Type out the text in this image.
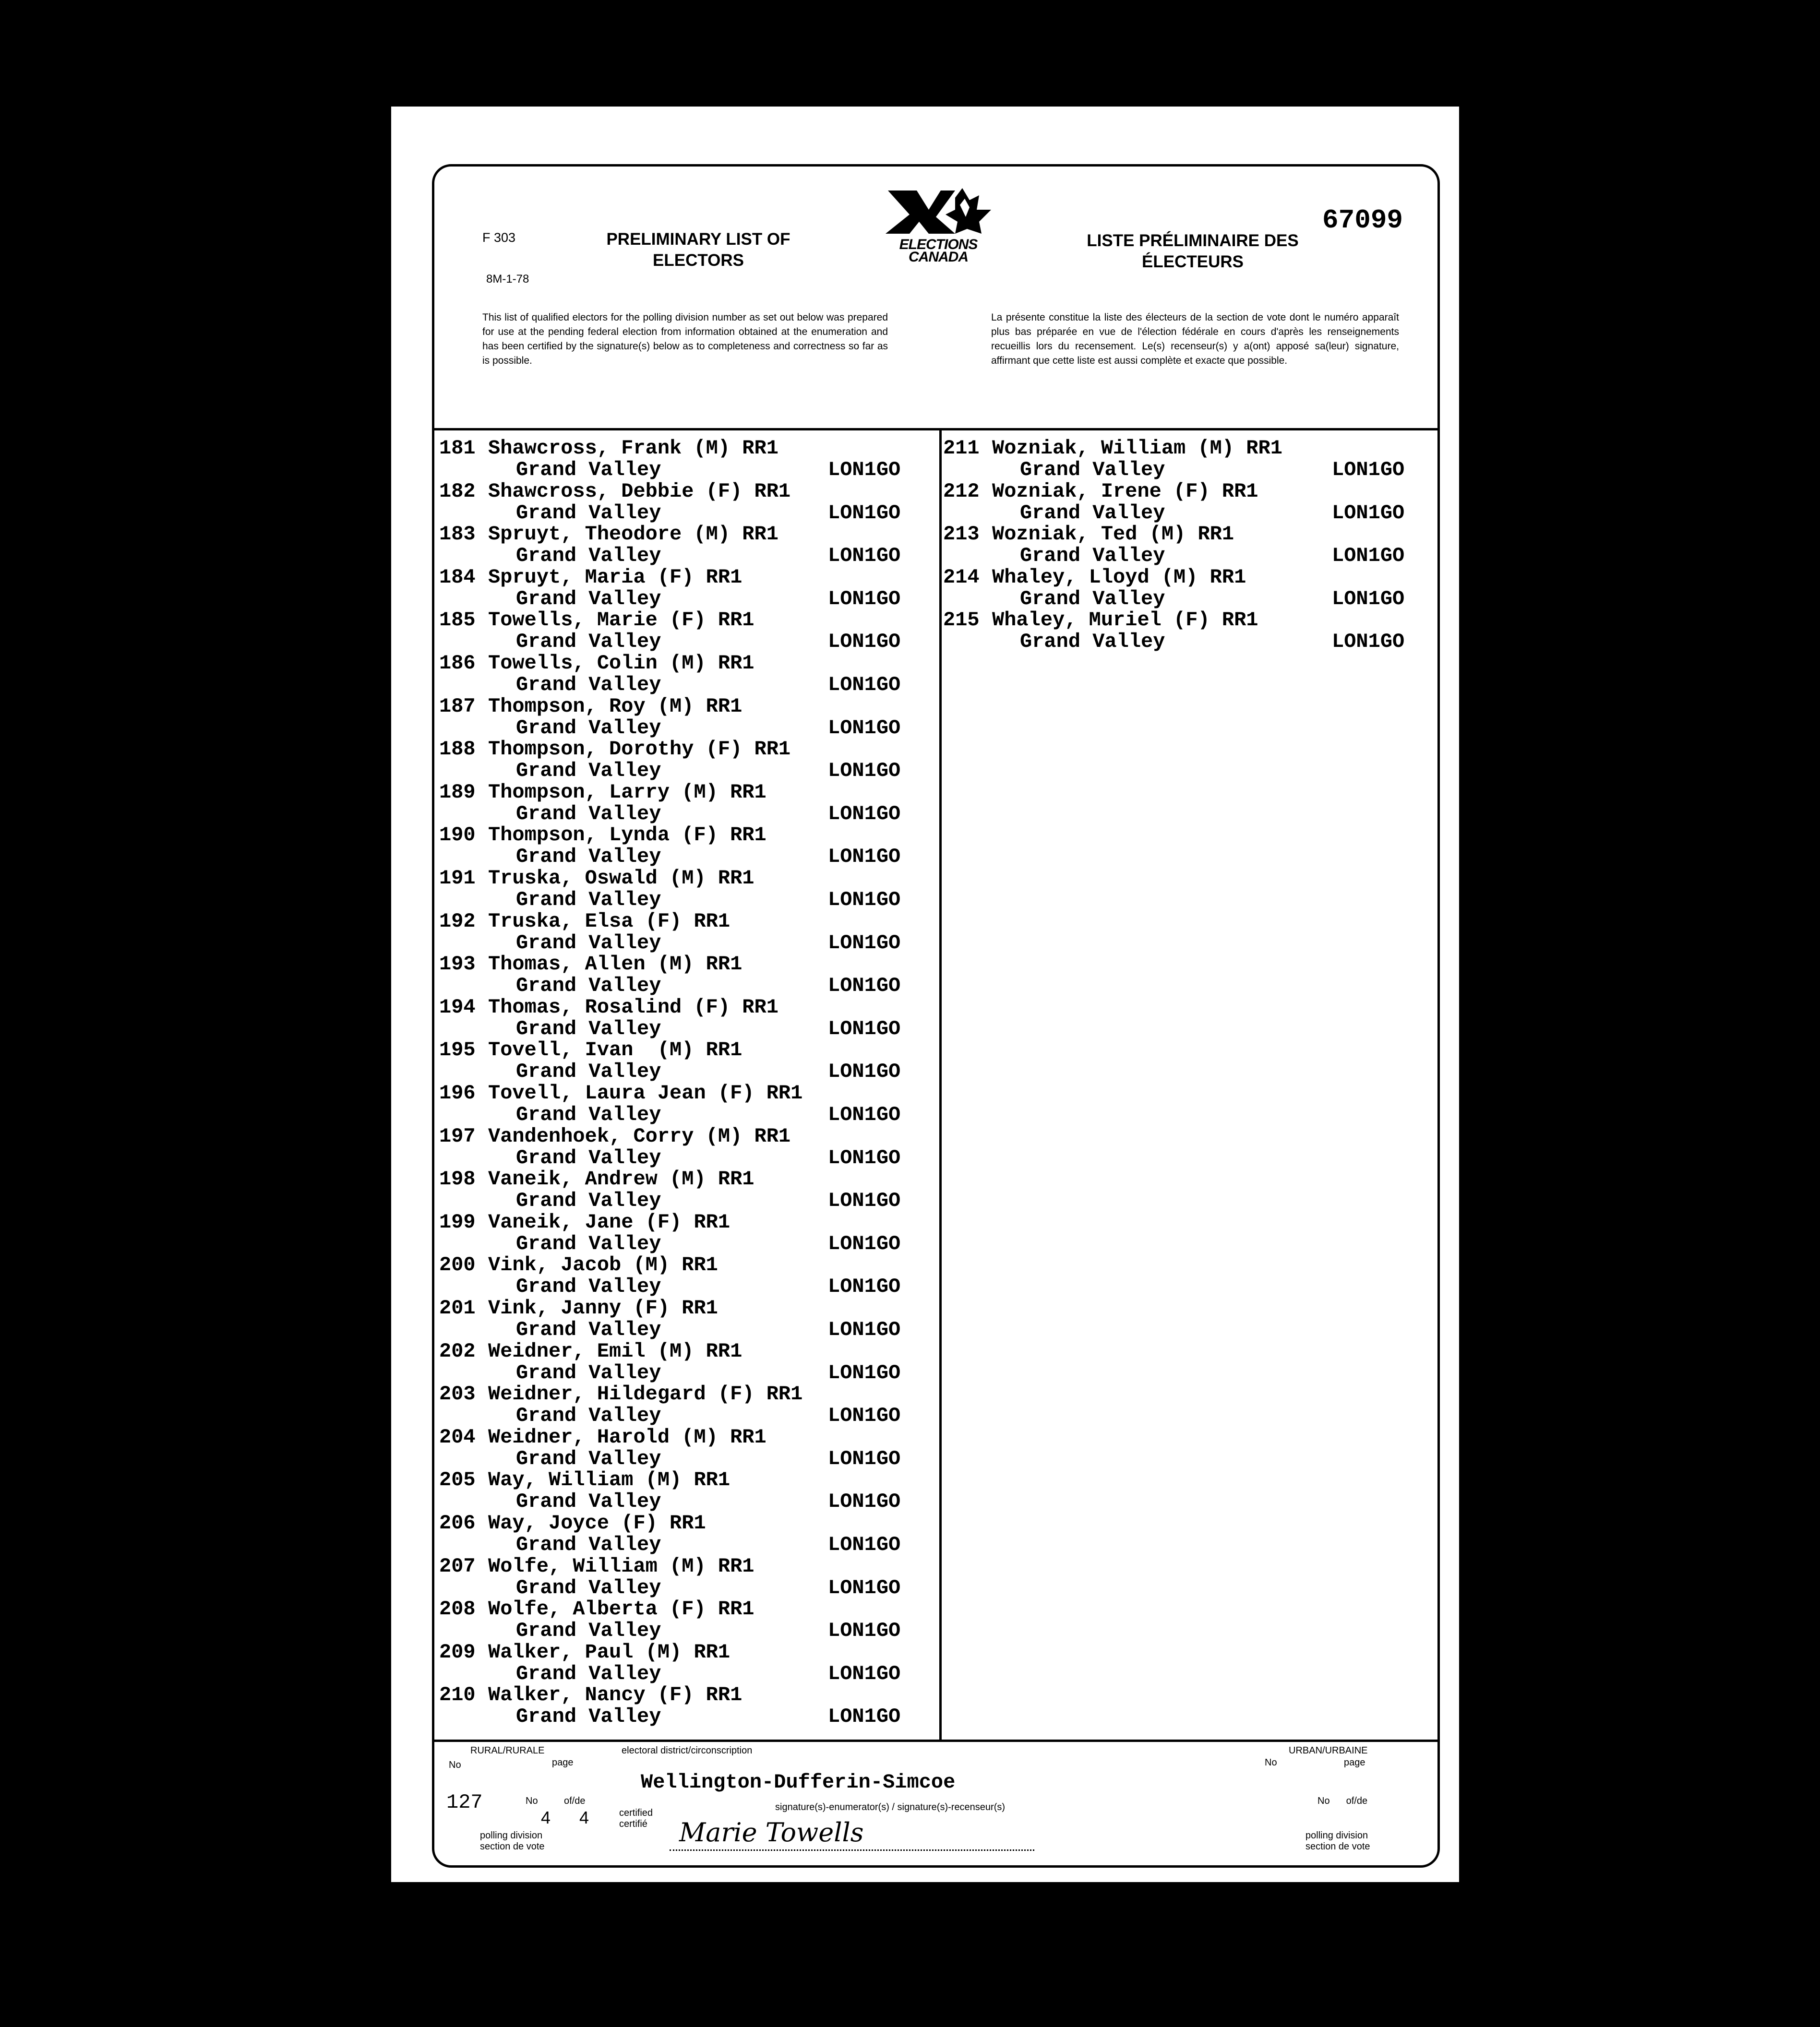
F 303
8M-1-78
PRELIMINARY LIST OF
ELECTORS
ELECTIONS
CANADA
LISTE PRÉLIMINAIRE DES
ÉLECTEURS
67099
This list of qualified electors for the polling division number as set out below was prepared for use at the pending federal election from information obtained at the enumeration and has been certified by the signature(s) below as to completeness and correctness so far as is possible.
La présente constitue la liste des électeurs de la section de vote dont le numéro apparaît plus bas préparée en vue de l'élection fédérale en cours d'après les renseignements recueillis lors du recensement. Le(s) recenseur(s) y a(ont) apposé sa(leur) signature, affirmant que cette liste est aussi complète et exacte que possible.
181 Shawcross, Frank (M) RR1
Grand Valley	LON1GO
182 Shawcross, Debbie (F) RR1
Grand Valley	LON1GO
183 Spruyt, Theodore (M) RR1
Grand Valley	LON1GO
184 Spruyt, Maria (F) RR1
Grand Valley	LON1GO
185 Towells, Marie (F) RR1
Grand Valley	LON1GO
186 Towells, Colin (M) RR1
Grand Valley	LON1GO
187 Thompson, Roy (M) RR1
Grand Valley	LON1GO
188 Thompson, Dorothy (F) RR1
Grand Valley	LON1GO
189 Thompson, Larry (M) RR1
Grand Valley	LON1GO
190 Thompson, Lynda (F) RR1
Grand Valley	LON1GO
191 Truska, Oswald (M) RR1
Grand Valley	LON1GO
192 Truska, Elsa (F) RR1
Grand Valley	LON1GO
193 Thomas, Allen (M) RR1
Grand Valley	LON1GO
194 Thomas, Rosalind (F) RR1
Grand Valley	LON1GO
195 Tovell, Ivan  (M) RR1
Grand Valley	LON1GO
196 Tovell, Laura Jean (F) RR1
Grand Valley	LON1GO
197 Vandenhoek, Corry (M) RR1
Grand Valley	LON1GO
198 Vaneik, Andrew (M) RR1
Grand Valley	LON1GO
199 Vaneik, Jane (F) RR1
Grand Valley	LON1GO
200 Vink, Jacob (M) RR1
Grand Valley	LON1GO
201 Vink, Janny (F) RR1
Grand Valley	LON1GO
202 Weidner, Emil (M) RR1
Grand Valley	LON1GO
203 Weidner, Hildegard (F) RR1
Grand Valley	LON1GO
204 Weidner, Harold (M) RR1
Grand Valley	LON1GO
205 Way, William (M) RR1
Grand Valley	LON1GO
206 Way, Joyce (F) RR1
Grand Valley	LON1GO
207 Wolfe, William (M) RR1
Grand Valley	LON1GO
208 Wolfe, Alberta (F) RR1
Grand Valley	LON1GO
209 Walker, Paul (M) RR1
Grand Valley	LON1GO
210 Walker, Nancy (F) RR1
Grand Valley	LON1GO
211 Wozniak, William (M) RR1
Grand Valley	LON1GO
212 Wozniak, Irene (F) RR1
Grand Valley	LON1GO
213 Wozniak, Ted (M) RR1
Grand Valley	LON1GO
214 Whaley, Lloyd (M) RR1
Grand Valley	LON1GO
215 Whaley, Muriel (F) RR1
Grand Valley	LON1GO
RURAL/RURALE	electoral district/circonscription	URBAN/URBAINE
No	page
Wellington-Dufferin-Simcoe
No	page
127	No	of/de	No of/de
4 4	certified
certifié
signature(s)-enumerator(s) / signature(s)-recenseur(s)
Marie Towells
polling division
section de vote
polling division
section de vote
